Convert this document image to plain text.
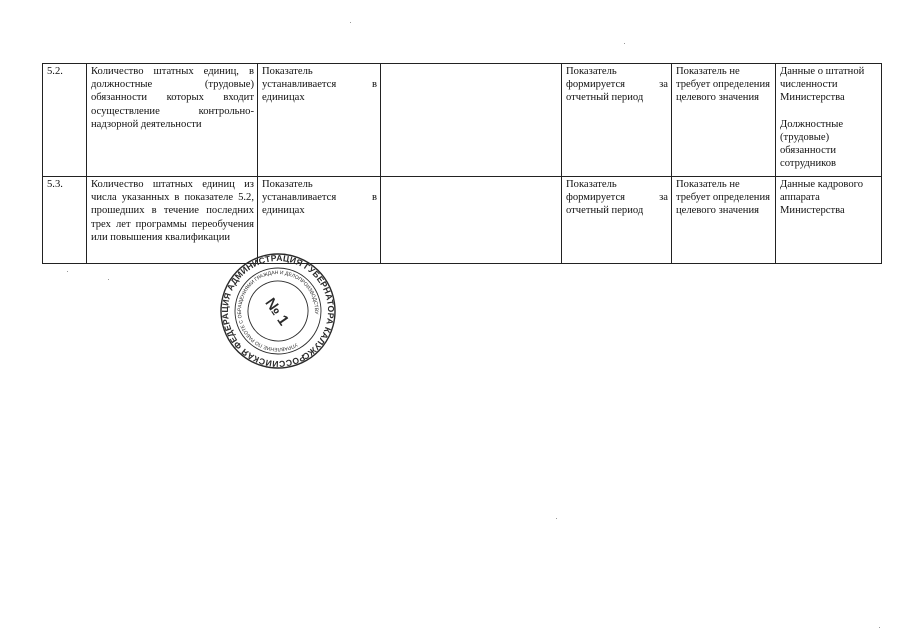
5.2.	Количество штатных единиц, в должностные (трудовые) обязанности которых входит осуществление контрольно-надзорной деятельности	Показатель устанавливается в единицах		Показатель формируется за отчетный период	Показатель не требует определения целевого значения	Данные о штатной численности Министерства
Должностные (трудовые) обязанности сотрудников

5.3.	Количество штатных единиц из числа указанных в показателе 5.2, прошедших в течение последних трех лет программы переобучения или повышения квалификации	Показатель устанавливается в единицах		Показатель формируется за отчетный период	Показатель не требует определения целевого значения	Данные кадрового аппарата Министерства
РОССИЙСКАЯ ФЕДЕРАЦИЯ АДМИНИСТРАЦИЯ ГУБЕРНАТОРА КАЛУЖСКОЙ
УПРАВЛЕНИЕ ПО РАБОТЕ С ОБРАЩЕНИЯМИ ГРАЖДАН И ДЕЛОПРОИЗВОДСТВУ
№ 1
